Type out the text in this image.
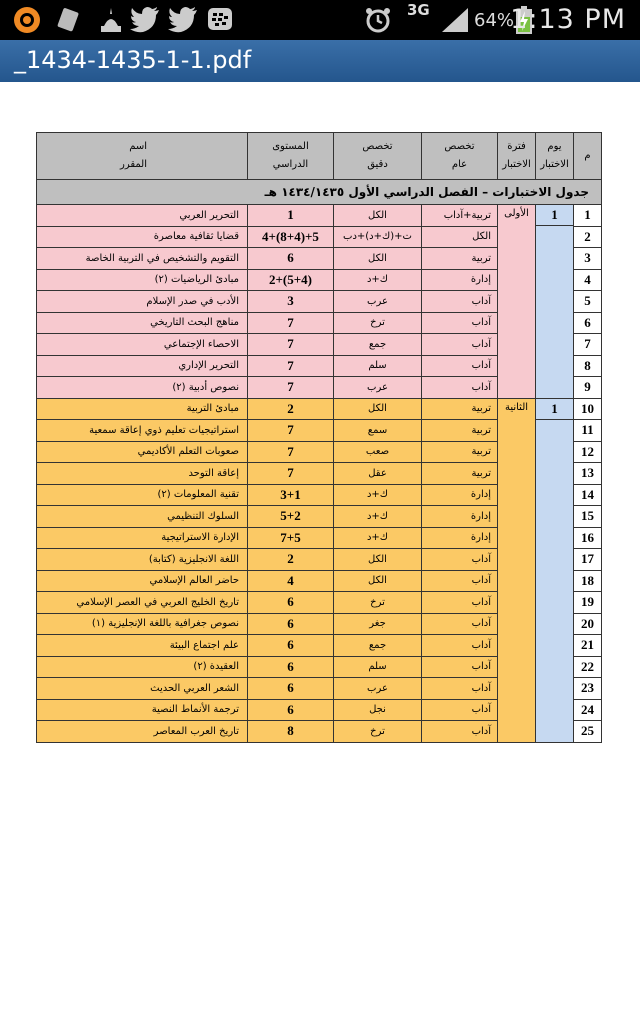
3G 64%
1:13 PM
_1434-1435-1-1.pdf
جدول الاختبارات – الفصل الدراسي الأول ١٤٣٤/١٤٣٥ هـ						
م	يوم الاختبار	فترة الاختبار	تخصص عام	تخصص دقيق	المستوى الدراسي	اسم المقرر
1	1	الأولى	تربية+آداب	الكل	1	التحرير العربي
2			الكل	ت+(ك+د)+دب	4+(8+4)+5	قضايا ثقافية معاصرة
3			تربية	الكل	6	التقويم والتشخيص في التربية الخاصة
4			إدارة	ك+د	2+(5+4)	مبادئ الرياضيات (٢)
5			آداب	عرب	3	الأدب في صدر الإسلام
6			آداب	ترخ	7	مناهج البحث التاريخي
7			آداب	جمع	7	الاحصاء الإجتماعي
8			آداب	سلم	7	التحرير الإداري
9			آداب	عرب	7	نصوص أدبية (٢)
10	1	الثانية	تربية	الكل	2	مبادئ التربية
11			تربية	سمع	7	استراتيجيات تعليم ذوي إعاقة سمعية
12			تربية	صعب	7	صعوبات التعلم الأكاديمي
13			تربية	عقل	7	إعاقة التوحد
14			إدارة	ك+د	3+1	تقنية المعلومات (٢)
15			إدارة	ك+د	5+2	السلوك التنظيمي
16			إدارة	ك+د	7+5	الإدارة الاستراتيجية
17			آداب	الكل	2	اللغة الانجليزية (كتابة)
18			آداب	الكل	4	حاضر العالم الإسلامي
19			آداب	ترخ	6	تاريخ الخليج العربي في العصر الإسلامي
20			آداب	جغر	6	نصوص جغرافية باللغة الإنجليزية (١)
21			آداب	جمع	6	علم اجتماع البيئة
22			آداب	سلم	6	العقيدة (٢)
23			آداب	عرب	6	الشعر العربي الحديث
24			آداب	نجل	6	ترجمة الأنماط النصية
25			آداب	ترخ	8	تاريخ العرب المعاصر
